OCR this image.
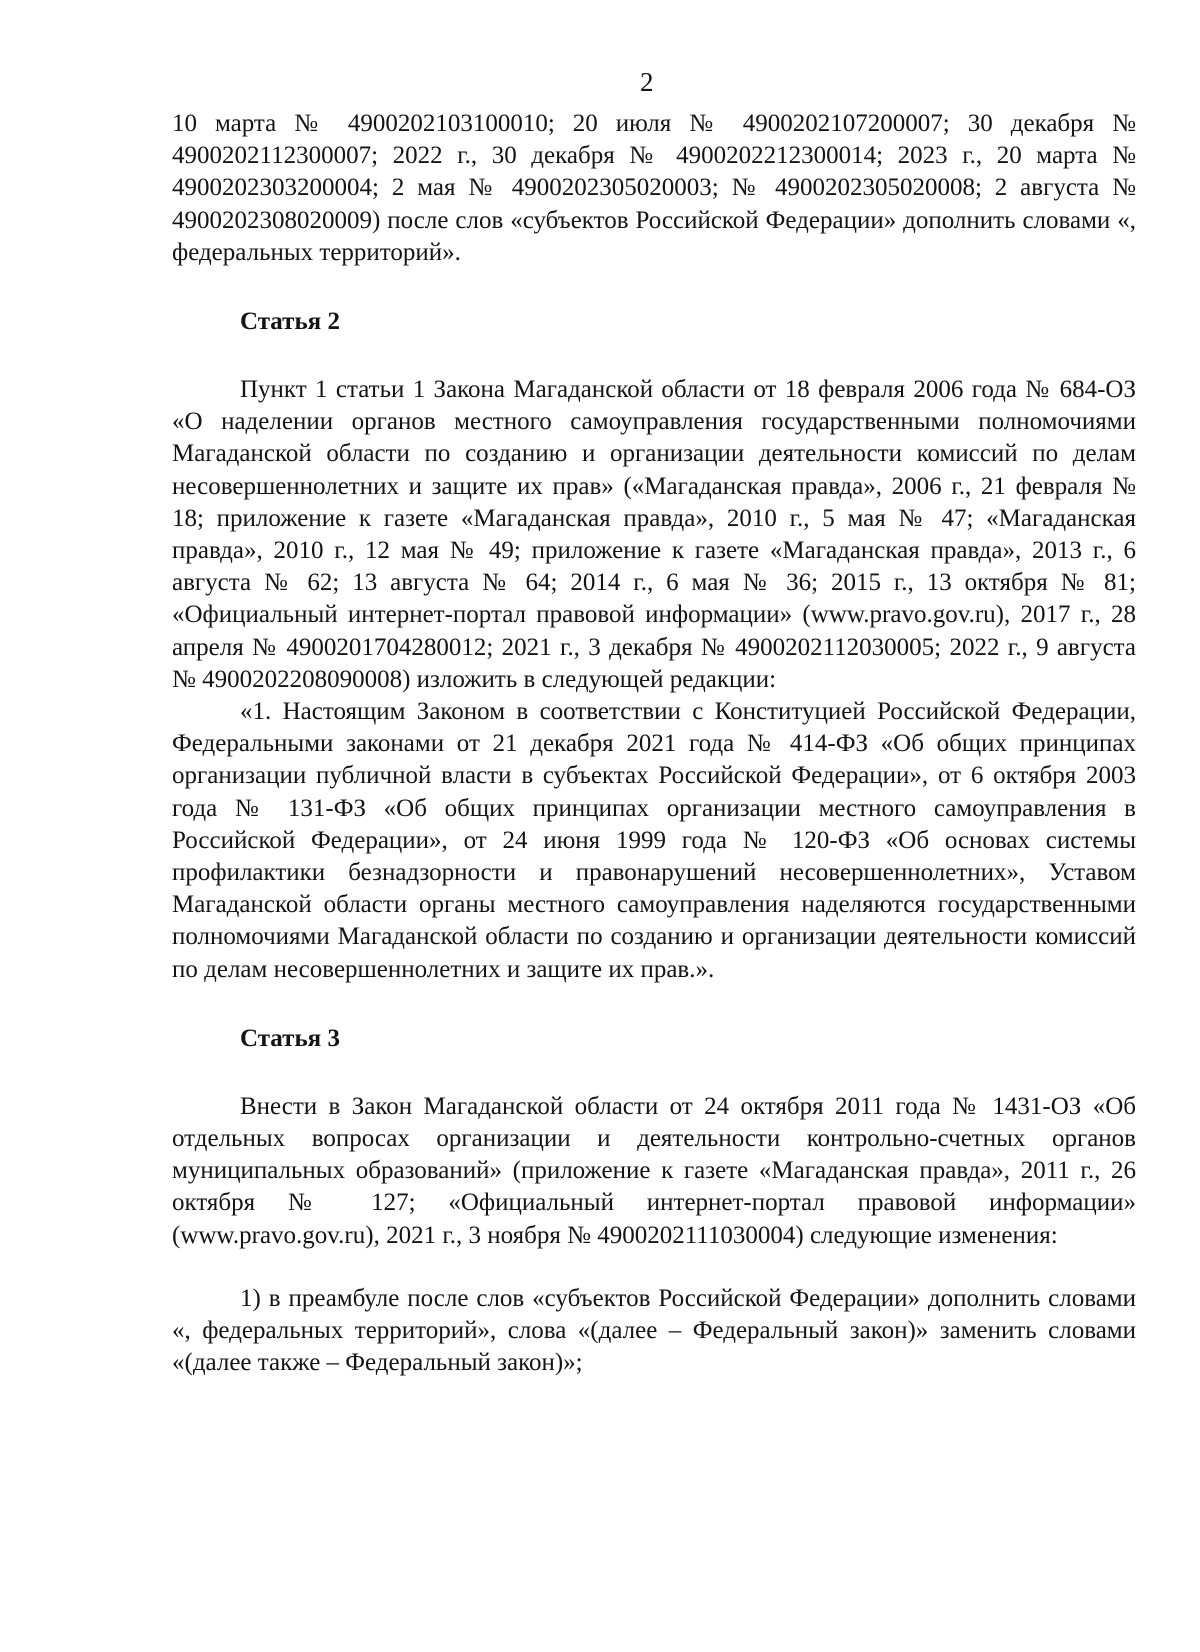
2

10 марта № 4900202103100010; 20 июля № 4900202107200007; 30 декабря № 4900202112300007; 2022 г., 30 декабря № 4900202212300014; 2023 г., 20 марта № 4900202303200004; 2 мая № 4900202305020003; № 4900202305020008; 2 августа № 4900202308020009) после слов «субъектов Российской Федерации» дополнить словами «, федеральных территорий».

Статья 2

Пункт 1 статьи 1 Закона Магаданской области от 18 февраля 2006 года № 684-ОЗ «О наделении органов местного самоуправления государственными полномочиями Магаданской области по созданию и организации деятельности комиссий по делам несовершеннолетних и защите их прав» («Магаданская правда», 2006 г., 21 февраля № 18; приложение к газете «Магаданская правда», 2010 г., 5 мая № 47; «Магаданская правда», 2010 г., 12 мая № 49; приложение к газете «Магаданская правда», 2013 г., 6 августа № 62; 13 августа № 64; 2014 г., 6 мая № 36; 2015 г., 13 октября № 81; «Официальный интернет-портал правовой информации» (www.pravo.gov.ru), 2017 г., 28 апреля № 4900201704280012; 2021 г., 3 декабря № 4900202112030005; 2022 г., 9 августа № 4900202208090008) изложить в следующей редакции:

«1. Настоящим Законом в соответствии с Конституцией Российской Федерации, Федеральными законами от 21 декабря 2021 года № 414-ФЗ «Об общих принципах организации публичной власти в субъектах Российской Федерации», от 6 октября 2003 года № 131-ФЗ «Об общих принципах организации местного самоуправления в Российской Федерации», от 24 июня 1999 года № 120-ФЗ «Об основах системы профилактики безнадзорности и правонарушений несовершеннолетних», Уставом Магаданской области органы местного самоуправления наделяются государственными полномочиями Магаданской области по созданию и организации деятельности комиссий по делам несовершеннолетних и защите их прав.».

Статья 3

Внести в Закон Магаданской области от 24 октября 2011 года № 1431-ОЗ «Об отдельных вопросах организации и деятельности контрольно-счетных органов муниципальных образований» (приложение к газете «Магаданская правда», 2011 г., 26 октября № 127; «Официальный интернет-портал правовой информации» (www.pravo.gov.ru), 2021 г., 3 ноября № 4900202111030004) следующие изменения:

1) в преамбуле после слов «субъектов Российской Федерации» дополнить словами «, федеральных территорий», слова «(далее – Федеральный закон)» заменить словами «(далее также – Федеральный закон)»;
